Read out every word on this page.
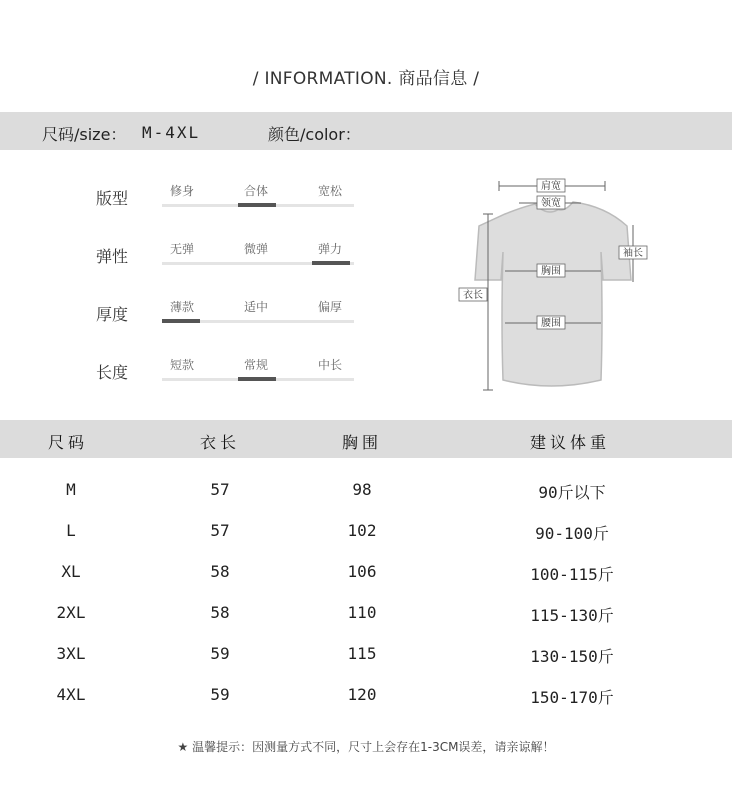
/ INFORMATION. 商品信息 /
尺码/size： M-4XL	颜色/color：
版型	修身	合体	宽松
弹性	无弹	微弹	弹力
厚度	薄款	适中	偏厚
长度	短款	常规	中长
肩宽
领宽
袖长
胸围
衣长
腰围
尺码	衣长	胸围	建议体重
M	57	98	90斤以下
L	57	102	90-100斤
XL	58	106	100-115斤
2XL	58	110	115-130斤
3XL	59	115	130-150斤
4XL	59	120	150-170斤
★ 温馨提示：因测量方式不同，尺寸上会存在1-3CM误差，请亲谅解！
